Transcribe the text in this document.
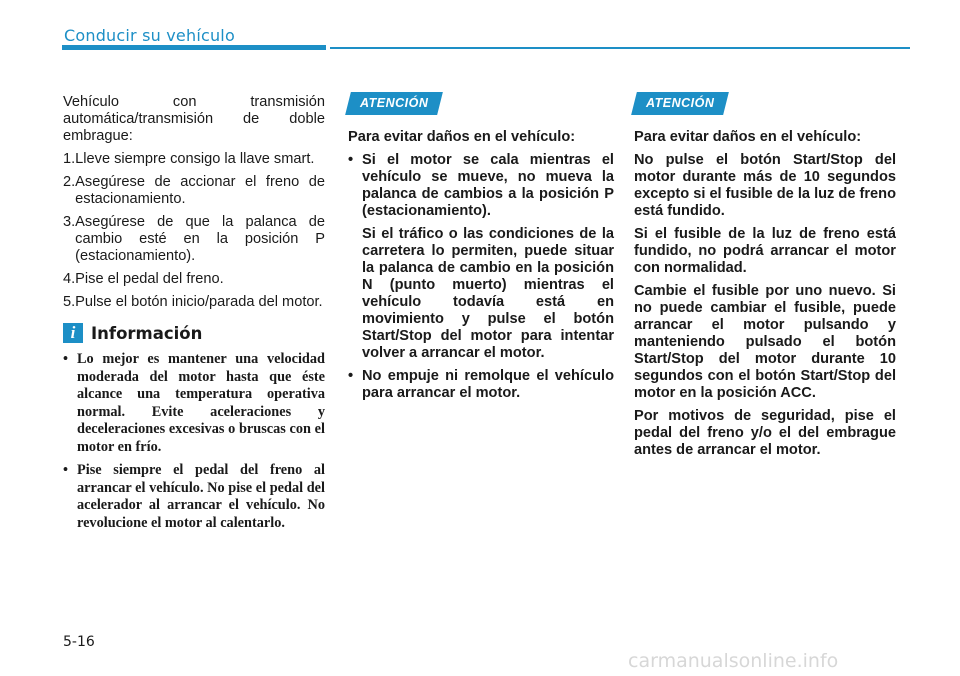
Conducir su vehículo

Vehículo con transmisión automática/transmisión de doble embrague:

1. Lleve siempre consigo la llave smart.
2. Asegúrese de accionar el freno de estacionamiento.
3. Asegúrese de que la palanca de cambio esté en la posición P (estacionamiento).
4. Pise el pedal del freno.
5. Pulse el botón inicio/parada del motor.
i Información
• Lo mejor es mantener una velocidad moderada del motor hasta que éste alcance una temperatura operativa normal. Evite aceleraciones y deceleraciones excesivas o bruscas con el motor en frío.
• Pise siempre el pedal del freno al arrancar el vehículo. No pise el pedal del acelerador al arrancar el vehículo. No revolucione el motor al calentarlo.
ATENCIÓN

Para evitar daños en el vehículo:

• Si el motor se cala mientras el vehículo se mueve, no mueva la palanca de cambios a la posición P (estacionamiento).
Si el tráfico o las condiciones de la carretera lo permiten, puede situar la palanca de cambio en la posición N (punto muerto) mientras el vehículo todavía está en movimiento y pulse el botón Start/Stop del motor para intentar volver a arrancar el motor.
• No empuje ni remolque el vehículo para arrancar el motor.
ATENCIÓN

Para evitar daños en el vehículo:

No pulse el botón Start/Stop del motor durante más de 10 segundos excepto si el fusible de la luz de freno está fundido.

Si el fusible de la luz de freno está fundido, no podrá arrancar el motor con normalidad.

Cambie el fusible por uno nuevo. Si no puede cambiar el fusible, puede arrancar el motor pulsando y manteniendo pulsado el botón Start/Stop del motor durante 10 segundos con el botón Start/Stop del motor en la posición ACC.

Por motivos de seguridad, pise el pedal del freno y/o el del embrague antes de arrancar el motor.

5-16
carmanualsonline.info
